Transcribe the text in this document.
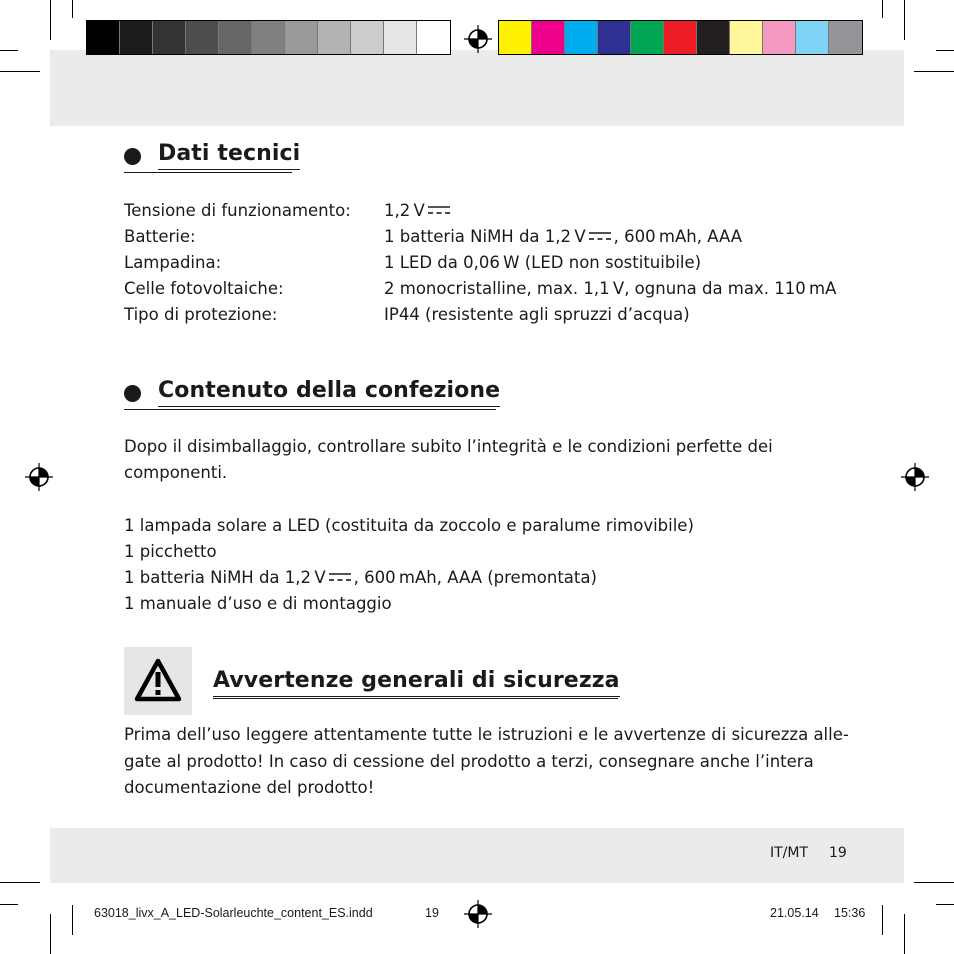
Dati tecnici
Tensione di funzionamento: 1,2 V
Batterie:	1 batteria NiMH da 1,2 V , 600 mAh, AAA
Lampadina:	1 LED da 0,06 W (LED non sostituibile)
Celle fotovoltaiche:	2 monocristalline, max. 1,1 V, ognuna da max. 110 mA
Tipo di protezione:	IP44 (resistente agli spruzzi d’acqua)
Contenuto della confezione
Dopo il disimballaggio, controllare subito l’integrità e le condizioni perfette dei
componenti.
1 lampada solare a LED (costituita da zoccolo e paralume rimovibile)
1 picchetto
1 batteria NiMH da 1,2 V , 600 mAh, AAA (premontata)
1 manuale d’uso e di montaggio
Avvertenze generali di sicurezza
Prima dell’uso leggere attentamente tutte le istruzioni e le avvertenze di sicurezza alle-
gate al prodotto! In caso di cessione del prodotto a terzi, consegnare anche l’intera
documentazione del prodotto!
IT/MT 19
63018_livx_A_LED-Solarleuchte_content_ES.indd	19	21.05.14 15:36
